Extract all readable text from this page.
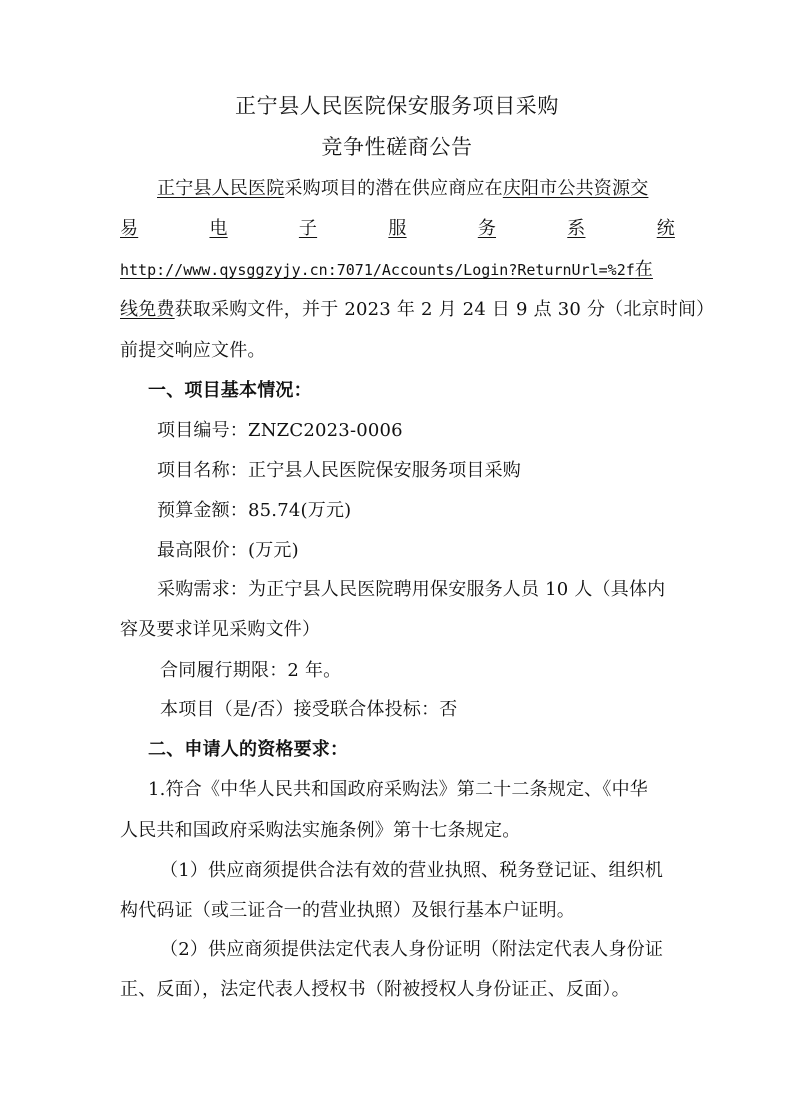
正宁县人民医院保安服务项目采购
竞争性磋商公告
正宁县人民医院采购项目的潜在供应商应在庆阳市公共资源交
易	电	子	服	务	系	统
http://www.qysggzyjy.cn:7071/Accounts/Login?ReturnUrl=%2f在
线免费获取采购文件，并于 2023 年 2 月 24 日 9 点 30 分（北京时间）
前提交响应文件。
一、项目基本情况：
项目编号：ZNZC2023-0006
项目名称：正宁县人民医院保安服务项目采购
预算金额：85.74(万元)
最高限价：(万元)
采购需求：为正宁县人民医院聘用保安服务人员 10 人（具体内
容及要求详见采购文件）
合同履行期限：2 年。
本项目（是/否）接受联合体投标：否
二、申请人的资格要求：
1.符合《中华人民共和国政府采购法》第二十二条规定、《中华
人民共和国政府采购法实施条例》第十七条规定。
（1）供应商须提供合法有效的营业执照、税务登记证、组织机
构代码证（或三证合一的营业执照）及银行基本户证明。
（2）供应商须提供法定代表人身份证明（附法定代表人身份证
正、反面），法定代表人授权书（附被授权人身份证正、反面）。
